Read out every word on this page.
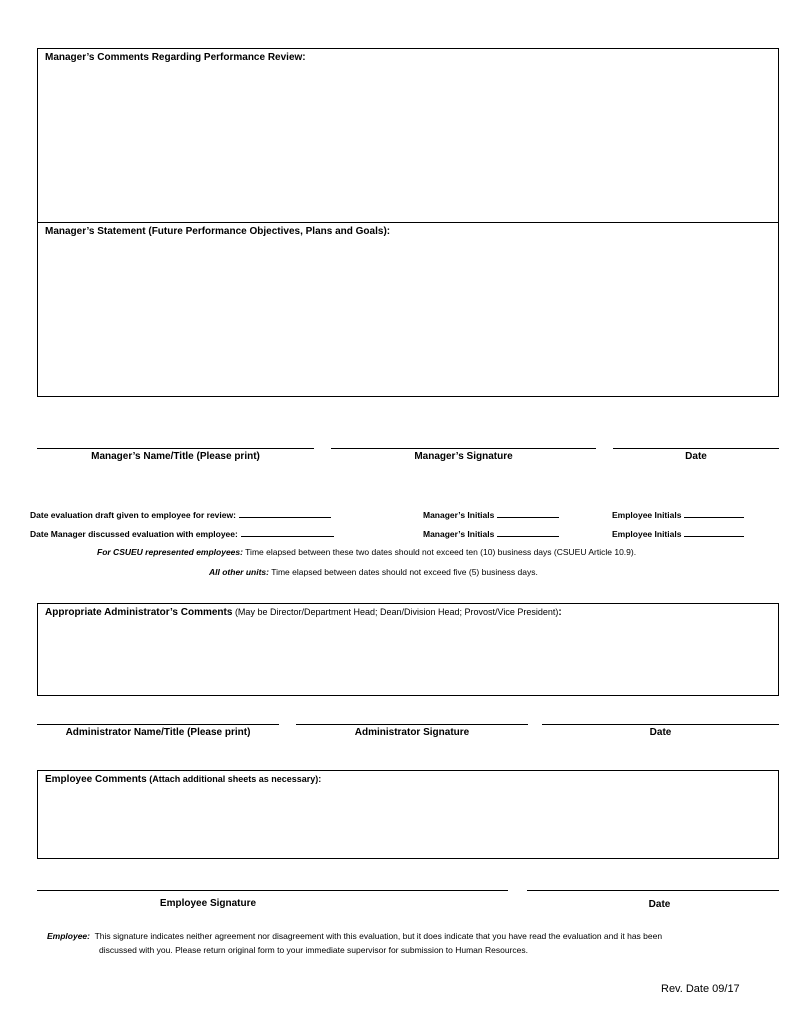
Manager’s Comments Regarding Performance Review:
Manager’s Statement (Future Performance Objectives, Plans and Goals):
Manager’s Name/Title (Please print)	Manager’s Signature	Date
Date evaluation draft given to employee for review:	Manager’s Initials	Employee Initials
Date Manager discussed evaluation with employee:	Manager’s Initials	Employee Initials
For CSUEU represented employees: Time elapsed between these two dates should not exceed ten (10) business days (CSUEU Article 10.9).
All other units: Time elapsed between dates should not exceed five (5) business days.
Appropriate Administrator’s Comments (May be Director/Department Head; Dean/Division Head; Provost/Vice President):
Administrator Name/Title (Please print)	Administrator Signature	Date
Employee Comments (Attach additional sheets as necessary):
Employee Signature	Date
Employee:  This signature indicates neither agreement nor disagreement with this evaluation, but it does indicate that you have read the evaluation and it has been
discussed with you. Please return original form to your immediate supervisor for submission to Human Resources.
Rev. Date 09/17
